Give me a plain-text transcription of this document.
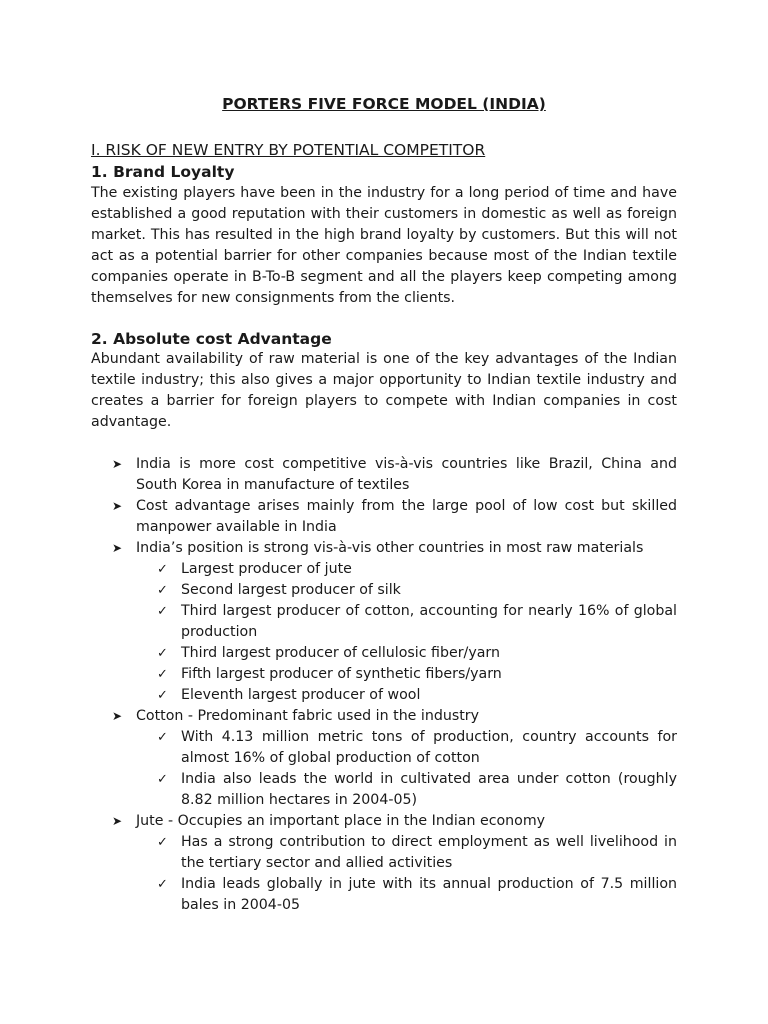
PORTERS FIVE FORCE MODEL (INDIA)
I. RISK OF NEW ENTRY BY POTENTIAL COMPETITOR
1. Brand Loyalty

The existing players have been in the industry for a long period of time and have established a good reputation with their customers in domestic as well as foreign market. This has resulted in the high brand loyalty by customers. But this will not act as a potential barrier for other companies because most of the Indian textile companies operate in B-To-B segment and all the players keep competing among themselves for new consignments from the clients.

2. Absolute cost Advantage

Abundant availability of raw material is one of the key advantages of the Indian textile industry; this also gives a major opportunity to Indian textile industry and creates a barrier for foreign players to compete with Indian companies in cost advantage.

➤ India is more cost competitive vis-à-vis countries like Brazil, China and South Korea in manufacture of textiles
➤ Cost advantage arises mainly from the large pool of low cost but skilled manpower available in India
➤ India’s position is strong vis-à-vis other countries in most raw materials
✓ Largest producer of jute
✓ Second largest producer of silk
✓ Third largest producer of cotton, accounting for nearly 16% of global production
✓ Third largest producer of cellulosic fiber/yarn
✓ Fifth largest producer of synthetic fibers/yarn
✓ Eleventh largest producer of wool
➤ Cotton - Predominant fabric used in the industry
✓ With 4.13 million metric tons of production, country accounts for almost 16% of global production of cotton
✓ India also leads the world in cultivated area under cotton (roughly 8.82 million hectares in 2004-05)
➤ Jute - Occupies an important place in the Indian economy
✓ Has a strong contribution to direct employment as well livelihood in the tertiary sector and allied activities
✓ India leads globally in jute with its annual production of 7.5 million bales in 2004-05
